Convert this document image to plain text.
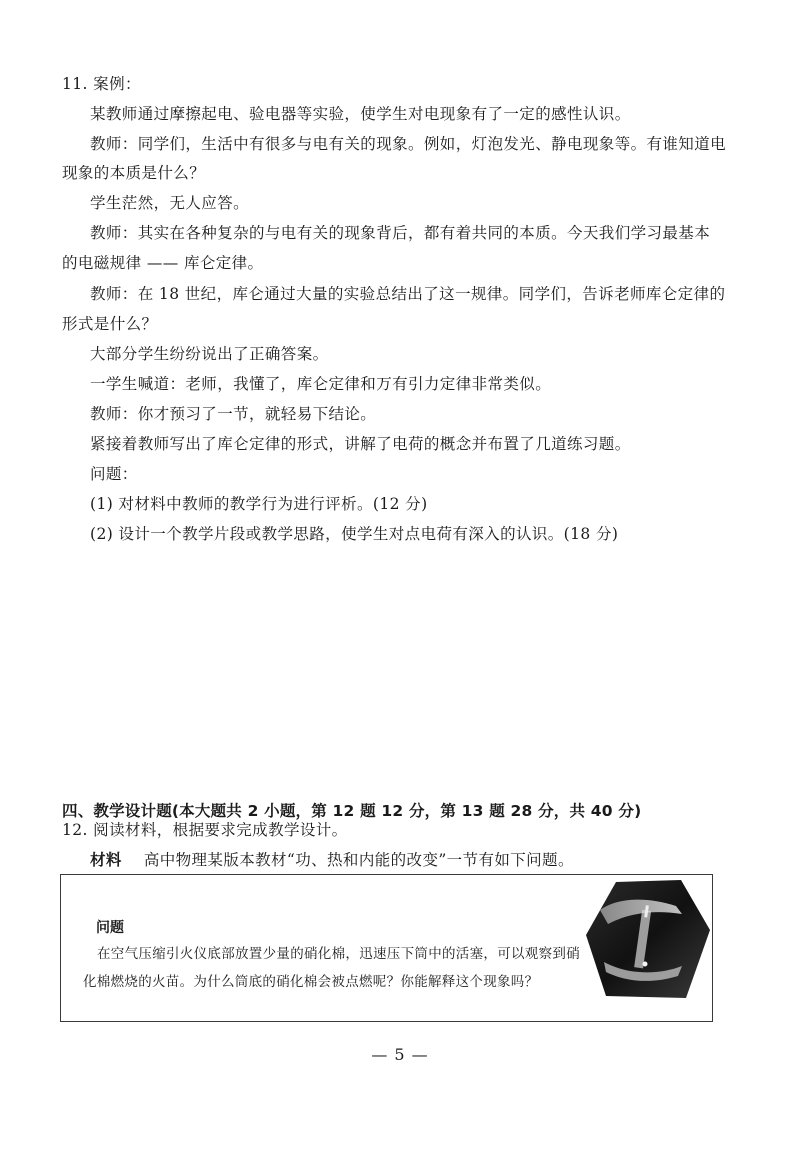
11. 案例：
某教师通过摩擦起电、验电器等实验，使学生对电现象有了一定的感性认识。
教师：同学们，生活中有很多与电有关的现象。例如，灯泡发光、静电现象等。有谁知道电
现象的本质是什么？
学生茫然，无人应答。
教师：其实在各种复杂的与电有关的现象背后，都有着共同的本质。今天我们学习最基本
的电磁规律 —— 库仑定律。
教师：在 18 世纪，库仑通过大量的实验总结出了这一规律。同学们，告诉老师库仑定律的
形式是什么？
大部分学生纷纷说出了正确答案。
一学生喊道：老师，我懂了，库仑定律和万有引力定律非常类似。
教师：你才预习了一节，就轻易下结论。
紧接着教师写出了库仑定律的形式，讲解了电荷的概念并布置了几道练习题。
问题：
(1) 对材料中教师的教学行为进行评析。(12 分)
(2) 设计一个教学片段或教学思路，使学生对点电荷有深入的认识。(18 分)
四、教学设计题(本大题共 2 小题，第 12 题 12 分，第 13 题 28 分，共 40 分)
12. 阅读材料，根据要求完成教学设计。
材料 高中物理某版本教材“功、热和内能的改变”一节有如下问题。
问题
在空气压缩引火仪底部放置少量的硝化棉，迅速压下筒中的活塞，可以观察到硝
化棉燃烧的火苗。为什么筒底的硝化棉会被点燃呢？你能解释这个现象吗？
— 5 —
